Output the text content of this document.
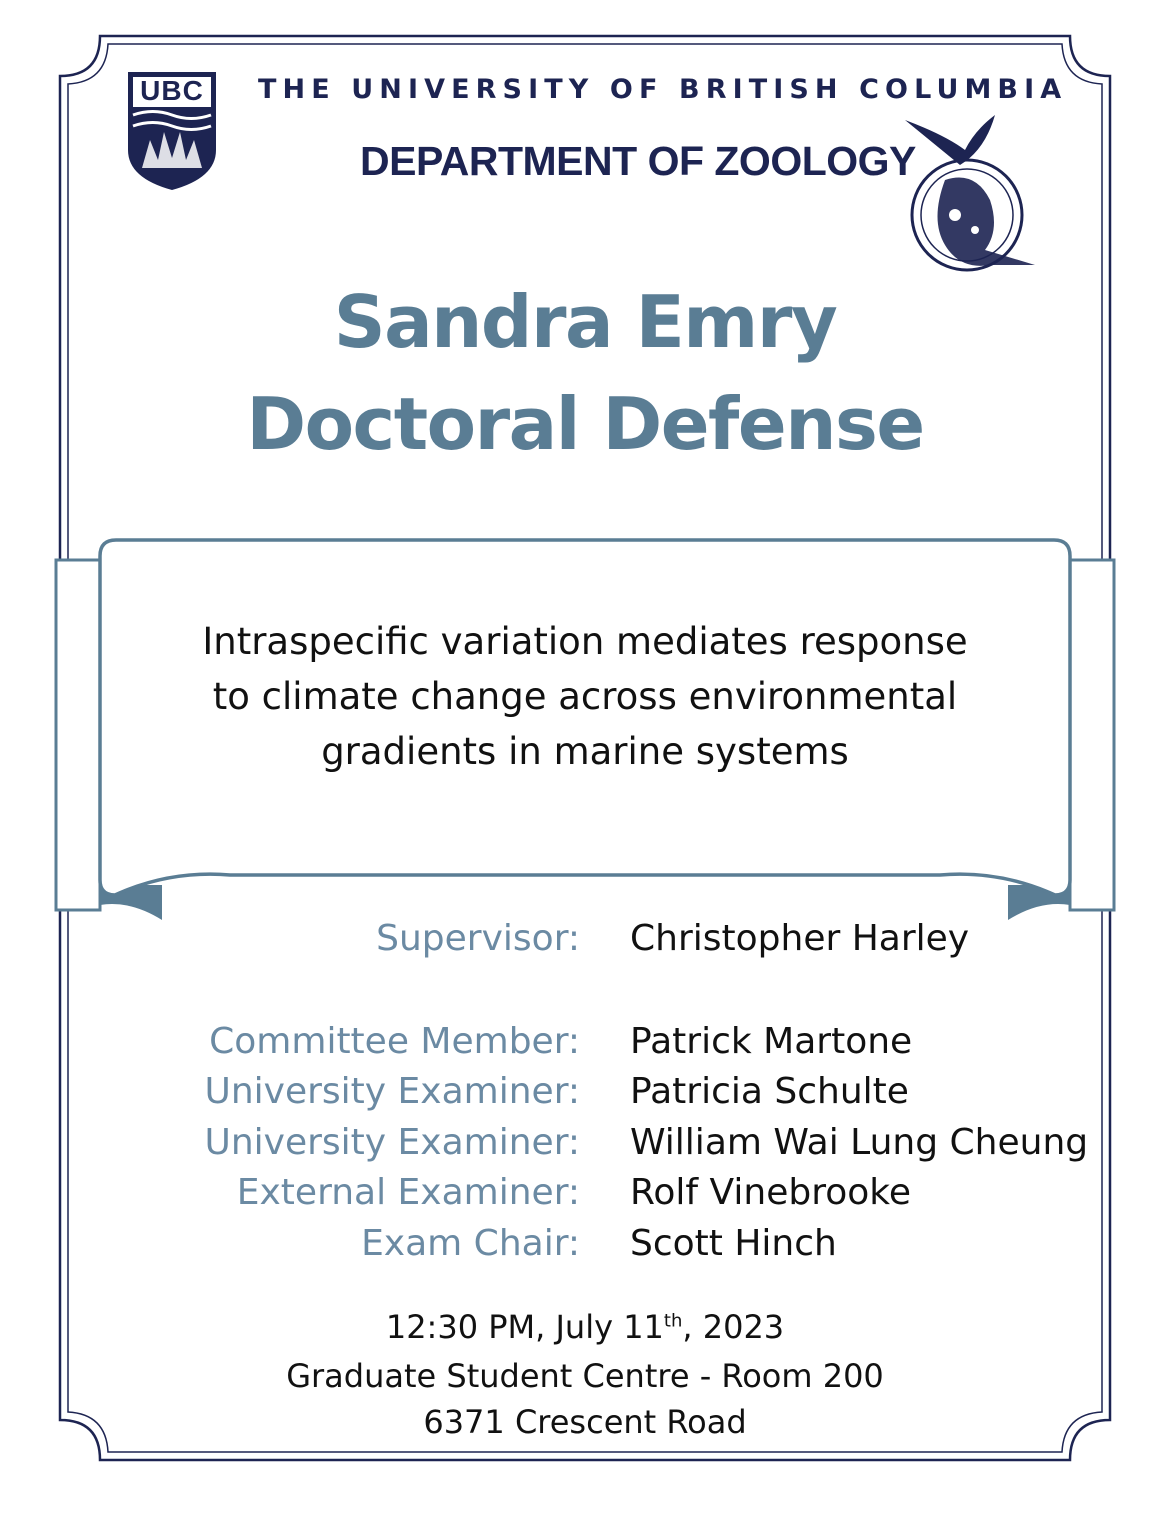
UBC THE UNIVERSITY OF BRITISH COLUMBIA
DEPARTMENT OF ZOOLOGY
Sandra Emry
Doctoral Defense
Intraspecific variation mediates response
to climate change across environmental
gradients in marine systems
Supervisor: Christopher Harley
Committee Member: Patrick Martone
University Examiner: Patricia Schulte
University Examiner: William Wai Lung Cheung
External Examiner: Rolf Vinebrooke
Exam Chair: Scott Hinch
12:30 PM, July 11th, 2023
Graduate Student Centre - Room 200
6371 Crescent Road
